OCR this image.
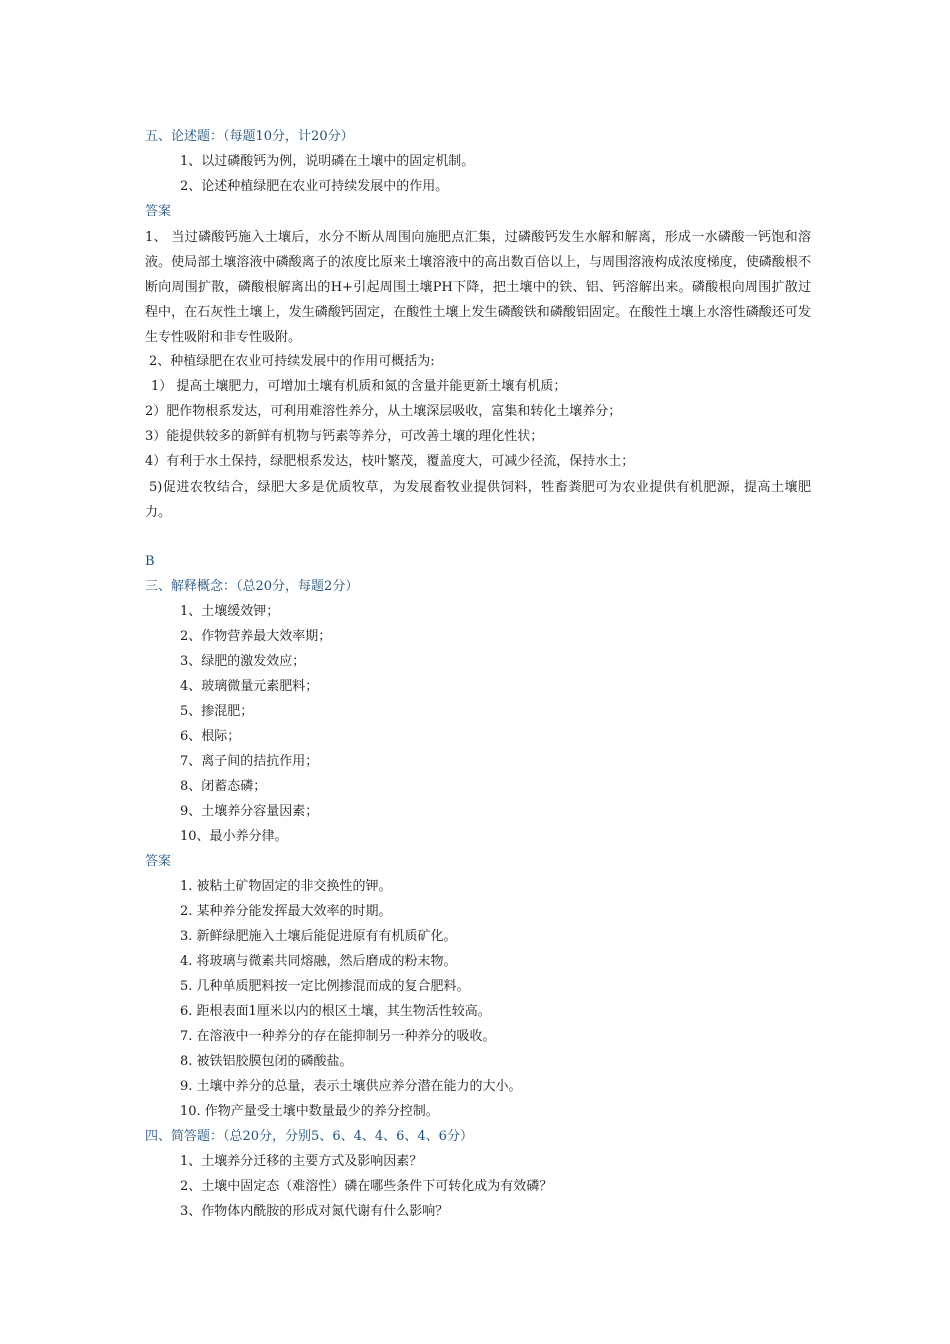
五、论述题：（每题10分，计20分）
1、以过磷酸钙为例，说明磷在土壤中的固定机制。
2、论述种植绿肥在农业可持续发展中的作用。
答案
1、 当过磷酸钙施入土壤后，水分不断从周围向施肥点汇集，过磷酸钙发生水解和解离，形成一水磷酸一钙饱和溶液。使局部土壤溶液中磷酸离子的浓度比原来土壤溶液中的高出数百倍以上，与周围溶液构成浓度梯度，使磷酸根不断向周围扩散，磷酸根解离出的H+引起周围土壤PH下降，把土壤中的铁、铝、钙溶解出来。磷酸根向周围扩散过程中，在石灰性土壤上，发生磷酸钙固定，在酸性土壤上发生磷酸铁和磷酸铝固定。在酸性土壤上水溶性磷酸还可发生专性吸附和非专性吸附。
2、种植绿肥在农业可持续发展中的作用可概括为:
1） 提高土壤肥力，可增加土壤有机质和氮的含量并能更新土壤有机质；
2）肥作物根系发达，可利用难溶性养分，从土壤深层吸收，富集和转化土壤养分；
3）能提供较多的新鲜有机物与钙素等养分，可改善土壤的理化性状；
4）有利于水土保持，绿肥根系发达，枝叶繁茂，覆盖度大，可减少径流，保持水土；
5)促进农牧结合，绿肥大多是优质牧草，为发展畜牧业提供饲料，牲畜粪肥可为农业提供有机肥源，提高土壤肥力。
B
三、解释概念：（总20分，每题2分）
1、土壤缓效钾；
2、作物营养最大效率期；
3、绿肥的激发效应；
4、玻璃微量元素肥料；
5、掺混肥；
6、根际；
7、离子间的拮抗作用；
8、闭蓄态磷；
9、土壤养分容量因素；
10、最小养分律。
答案
1. 被粘土矿物固定的非交换性的钾。
2. 某种养分能发挥最大效率的时期。
3. 新鲜绿肥施入土壤后能促进原有有机质矿化。
4. 将玻璃与微素共同熔融，然后磨成的粉末物。
5. 几种单质肥料按一定比例掺混而成的复合肥料。
6. 距根表面1厘米以内的根区土壤，其生物活性较高。
7. 在溶液中一种养分的存在能抑制另一种养分的吸收。
8. 被铁铝胶膜包闭的磷酸盐。
9. 土壤中养分的总量，表示土壤供应养分潜在能力的大小。
10. 作物产量受土壤中数量最少的养分控制。
四、简答题：（总20分，分别5、6、4、4、6、4、6分）
1、土壤养分迁移的主要方式及影响因素？
2、土壤中固定态（难溶性）磷在哪些条件下可转化成为有效磷？
3、作物体内酰胺的形成对氮代谢有什么影响？
